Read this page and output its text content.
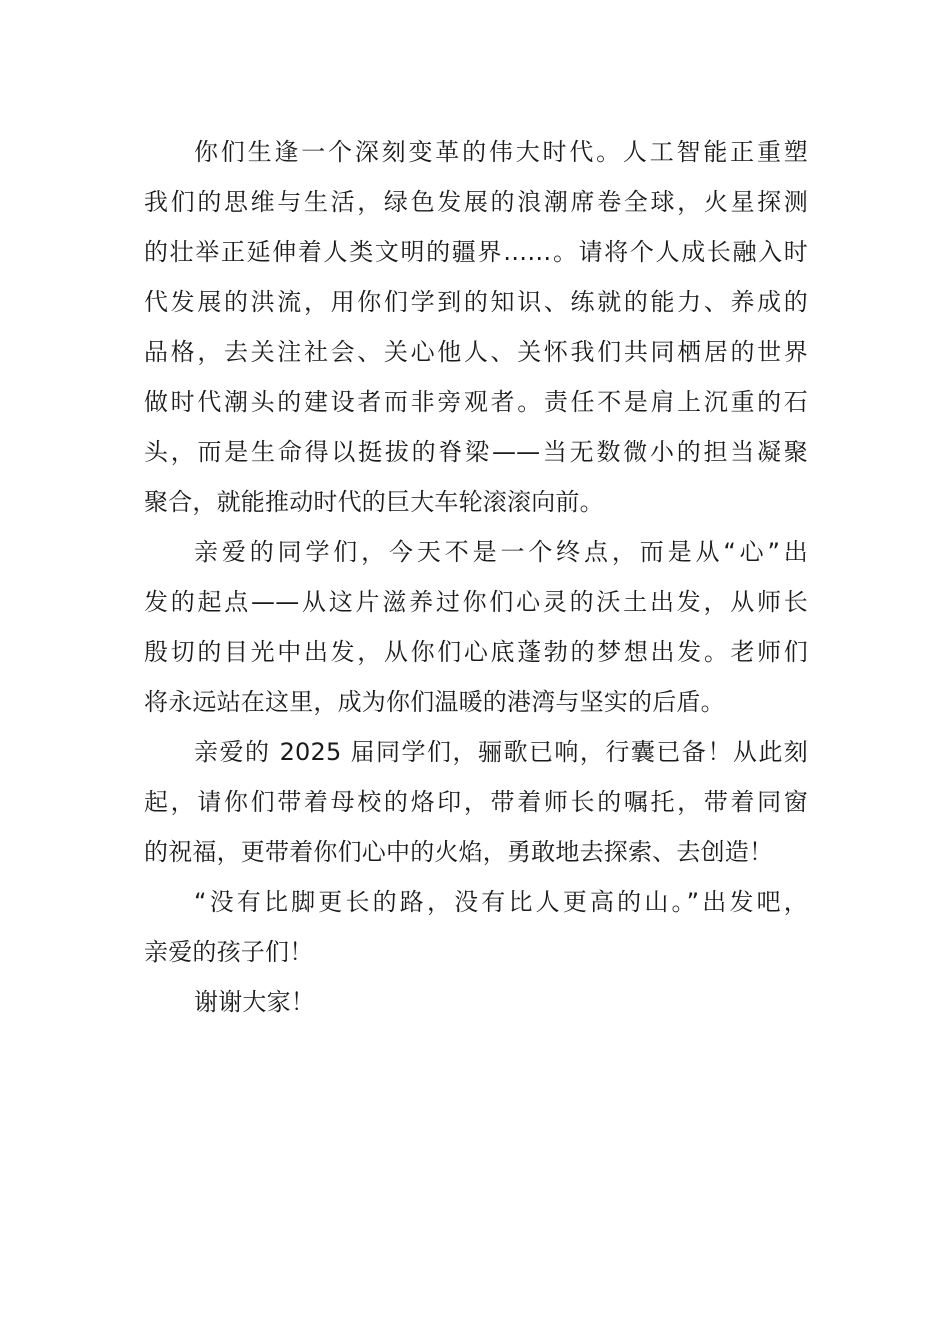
你们生逢一个深刻变革的伟大时代。人工智能正重塑
我们的思维与生活，绿色发展的浪潮席卷全球，火星探测
的壮举正延伸着人类文明的疆界……。请将个人成长融入时
代发展的洪流，用你们学到的知识、练就的能力、养成的
品格，去关注社会、关心他人、关怀我们共同栖居的世界
做时代潮头的建设者而非旁观者。责任不是肩上沉重的石
头，而是生命得以挺拔的脊梁——当无数微小的担当凝聚
聚合，就能推动时代的巨大车轮滚滚向前。
亲爱的同学们，今天不是一个终点，而是从“心”出
发的起点——从这片滋养过你们心灵的沃土出发，从师长
殷切的目光中出发，从你们心底蓬勃的梦想出发。老师们
将永远站在这里，成为你们温暖的港湾与坚实的后盾。
亲爱的 2025 届同学们，骊歌已响，行囊已备！从此刻
起，请你们带着母校的烙印，带着师长的嘱托，带着同窗
的祝福，更带着你们心中的火焰，勇敢地去探索、去创造！
“没有比脚更长的路，没有比人更高的山。”出发吧，
亲爱的孩子们！
谢谢大家！
